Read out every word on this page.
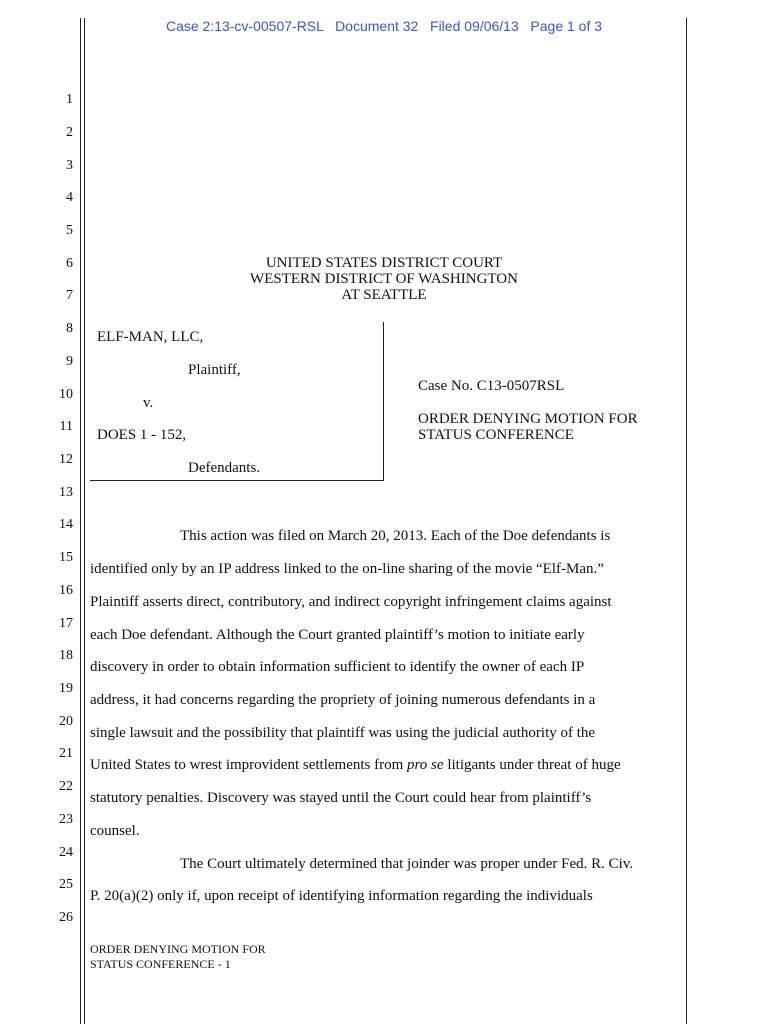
Case 2:13-cv-00507-RSL   Document 32   Filed 09/06/13   Page 1 of 3
1
2
3
4
5
6
7
8
9
10
11
12
13
14
15
16
17
18
19
20
21
22
23
24
25
26
UNITED STATES DISTRICT COURT
WESTERN DISTRICT OF WASHINGTON
AT SEATTLE
ELF-MAN, LLC,
Plaintiff,
v.
DOES 1 - 152,
Defendants.
Case No. C13-0507RSL
ORDER DENYING MOTION FOR
STATUS CONFERENCE
This action was filed on March 20, 2013. Each of the Doe defendants is
identified only by an IP address linked to the on-line sharing of the movie “Elf-Man.”
Plaintiff asserts direct, contributory, and indirect copyright infringement claims against
each Doe defendant. Although the Court granted plaintiff’s motion to initiate early
discovery in order to obtain information sufficient to identify the owner of each IP
address, it had concerns regarding the propriety of joining numerous defendants in a
single lawsuit and the possibility that plaintiff was using the judicial authority of the
United States to wrest improvident settlements from pro se litigants under threat of huge
statutory penalties. Discovery was stayed until the Court could hear from plaintiff’s
counsel.
The Court ultimately determined that joinder was proper under Fed. R. Civ.
P. 20(a)(2) only if, upon receipt of identifying information regarding the individuals
ORDER DENYING MOTION FOR
STATUS CONFERENCE - 1
